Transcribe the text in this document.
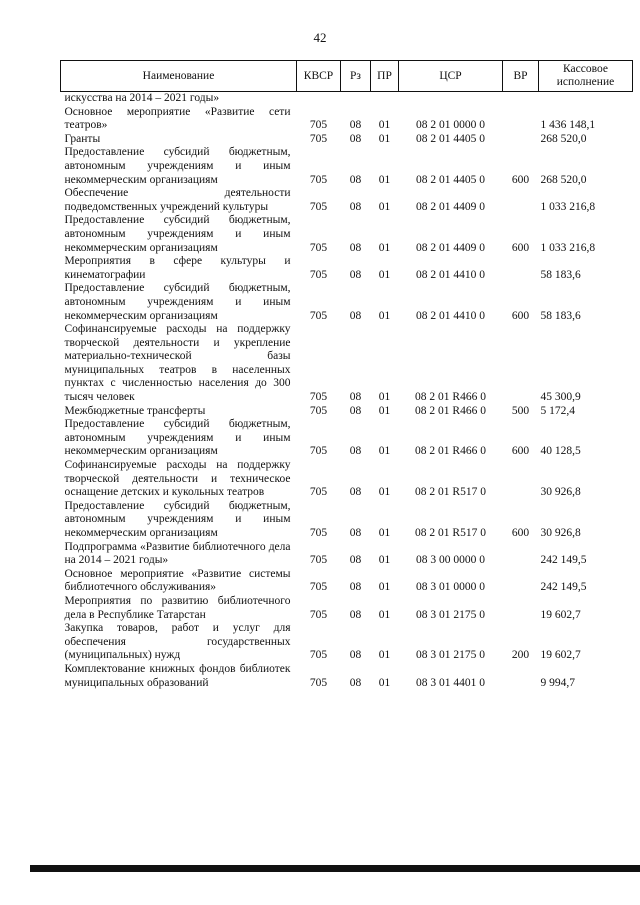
42
Наименование	КВСР	Рз	ПР	ЦСР	ВР	Кассовое исполнение
искусства на 2014 – 2021 годы»						
Основное мероприятие «Развитие сети театров»	705	08	01	08 2 01 0000 0		1 436 148,1
Гранты	705	08	01	08 2 01 4405 0		268 520,0
Предоставление субсидий бюджетным, автономным учреждениям и иным некоммерческим организациям	705	08	01	08 2 01 4405 0	600	268 520,0
Обеспечение деятельности подведомственных учреждений культуры	705	08	01	08 2 01 4409 0		1 033 216,8
Предоставление субсидий бюджетным, автономным учреждениям и иным некоммерческим организациям	705	08	01	08 2 01 4409 0	600	1 033 216,8
Мероприятия в сфере культуры и кинематографии	705	08	01	08 2 01 4410 0		58 183,6
Предоставление субсидий бюджетным, автономным учреждениям и иным некоммерческим организациям	705	08	01	08 2 01 4410 0	600	58 183,6
Софинансируемые расходы на поддержку творческой деятельности и укрепление материально-технической базы муниципальных театров в населенных пунктах с численностью населения до 300 тысяч человек	705	08	01	08 2 01 R466 0		45 300,9
Межбюджетные трансферты	705	08	01	08 2 01 R466 0	500	5 172,4
Предоставление субсидий бюджетным, автономным учреждениям и иным некоммерческим организациям	705	08	01	08 2 01 R466 0	600	40 128,5
Софинансируемые расходы на поддержку творческой деятельности и техническое оснащение детских и кукольных театров	705	08	01	08 2 01 R517 0		30 926,8
Предоставление субсидий бюджетным, автономным учреждениям и иным некоммерческим организациям	705	08	01	08 2 01 R517 0	600	30 926,8
Подпрограмма «Развитие библиотечного дела на 2014 – 2021 годы»	705	08	01	08 3 00 0000 0		242 149,5
Основное мероприятие «Развитие системы библиотечного обслуживания»	705	08	01	08 3 01 0000 0		242 149,5
Мероприятия по развитию библиотечного дела в Республике Татарстан	705	08	01	08 3 01 2175 0		19 602,7
Закупка товаров, работ и услуг для обеспечения государственных (муниципальных) нужд	705	08	01	08 3 01 2175 0	200	19 602,7
Комплектование книжных фондов библиотек муниципальных образований	705	08	01	08 3 01 4401 0		9 994,7
